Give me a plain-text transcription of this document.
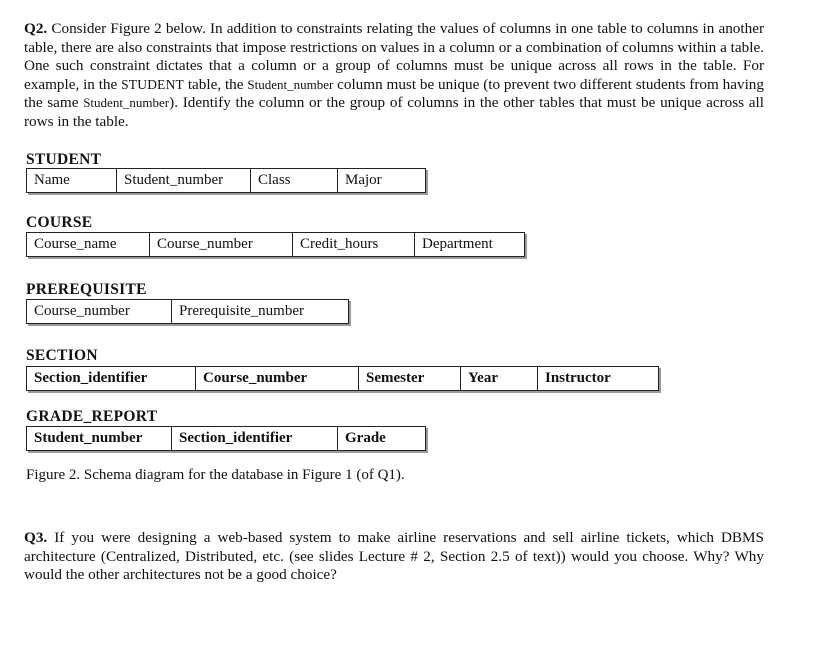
Q2. Consider Figure 2 below. In addition to constraints relating the values of columns in one table to columns in another table, there are also constraints that impose restrictions on values in a column or a combination of columns within a table. One such constraint dictates that a column or a group of columns must be unique across all rows in the table. For example, in the STUDENT table, the Student_number column must be unique (to prevent two different students from having the same Student_number). Identify the column or the group of columns in the other tables that must be unique across all rows in the table.

STUDENT
Name	Student_number	Class	Major
COURSE
Course_name	Course_number	Credit_hours	Department
PREREQUISITE
Course_number	Prerequisite_number
SECTION
Section_identifier	Course_number	Semester	Year	Instructor
GRADE_REPORT
Student_number	Section_identifier	Grade

Figure 2. Schema diagram for the database in Figure 1 (of Q1).

Q3. If you were designing a web-based system to make airline reservations and sell airline tickets, which DBMS architecture (Centralized, Distributed, etc. (see slides Lecture # 2, Section 2.5 of text)) would you choose. Why? Why would the other architectures not be a good choice?
